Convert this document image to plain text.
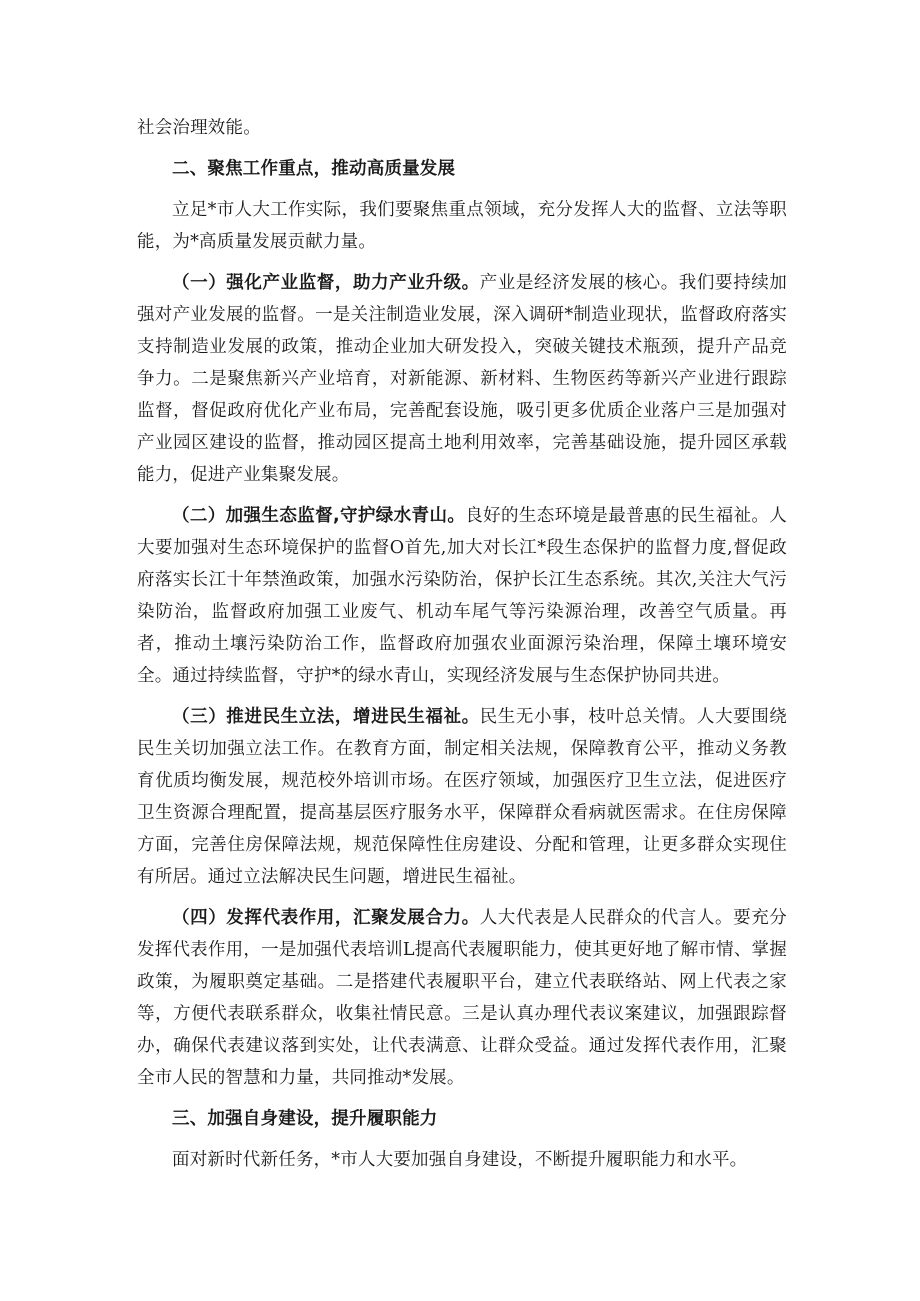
社会治理效能。

二、聚焦工作重点，推动高质量发展

立足*市人大工作实际，我们要聚焦重点领域，充分发挥人大的监督、立法等职能，为*高质量发展贡献力量。

（一）强化产业监督，助力产业升级。产业是经济发展的核心。我们要持续加强对产业发展的监督。一是关注制造业发展，深入调研*制造业现状，监督政府落实支持制造业发展的政策，推动企业加大研发投入，突破关键技术瓶颈，提升产品竞争力。二是聚焦新兴产业培育，对新能源、新材料、生物医药等新兴产业进行跟踪监督，督促政府优化产业布局，完善配套设施，吸引更多优质企业落户三是加强对产业园区建设的监督，推动园区提高土地利用效率，完善基础设施，提升园区承载能力，促进产业集聚发展。

（二）加强生态监督,守护绿水青山。良好的生态环境是最普惠的民生福祉。人大要加强对生态环境保护的监督O首先,加大对长江*段生态保护的监督力度,督促政府落实长江十年禁渔政策，加强水污染防治，保护长江生态系统。其次,关注大气污染防治，监督政府加强工业废气、机动车尾气等污染源治理，改善空气质量。再者，推动土壤污染防治工作，监督政府加强农业面源污染治理，保障土壤环境安全。通过持续监督，守护*的绿水青山，实现经济发展与生态保护协同共进。

（三）推进民生立法，增进民生福祉。民生无小事，枝叶总关情。人大要围绕民生关切加强立法工作。在教育方面，制定相关法规，保障教育公平，推动义务教育优质均衡发展，规范校外培训市场。在医疗领域，加强医疗卫生立法，促进医疗卫生资源合理配置，提高基层医疗服务水平，保障群众看病就医需求。在住房保障方面，完善住房保障法规，规范保障性住房建设、分配和管理，让更多群众实现住有所居。通过立法解决民生问题，增进民生福祉。

（四）发挥代表作用，汇聚发展合力。人大代表是人民群众的代言人。要充分发挥代表作用，一是加强代表培训L提高代表履职能力，使其更好地了解市情、掌握政策，为履职奠定基础。二是搭建代表履职平台，建立代表联络站、网上代表之家等，方便代表联系群众，收集社情民意。三是认真办理代表议案建议，加强跟踪督办，确保代表建议落到实处，让代表满意、让群众受益。通过发挥代表作用，汇聚全市人民的智慧和力量，共同推动*发展。

三、加强自身建设，提升履职能力

面对新时代新任务，*市人大要加强自身建设，不断提升履职能力和水平。
